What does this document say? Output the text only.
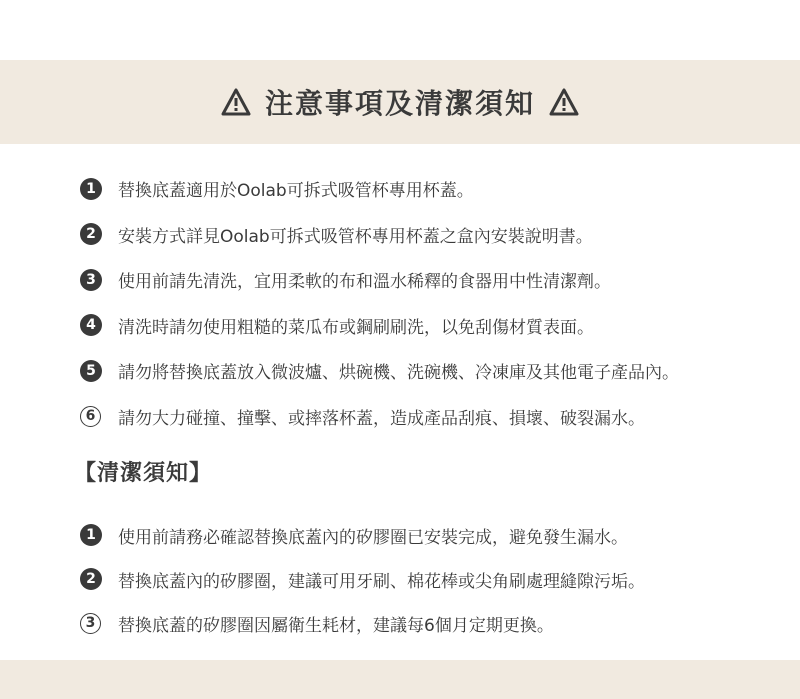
注意事項及清潔須知
1	替換底蓋適用於Oolab可拆式吸管杯專用杯蓋。
2	安裝方式詳見Oolab可拆式吸管杯專用杯蓋之盒內安裝說明書。
3	使用前請先清洗，宜用柔軟的布和溫水稀釋的食器用中性清潔劑。
4	清洗時請勿使用粗糙的菜瓜布或鋼刷刷洗，以免刮傷材質表面。
5	請勿將替換底蓋放入微波爐、烘碗機、洗碗機、冷凍庫及其他電子產品內。
6	請勿大力碰撞、撞擊、或摔落杯蓋，造成產品刮痕、損壞、破裂漏水。
【清潔須知】
1	使用前請務必確認替換底蓋內的矽膠圈已安裝完成，避免發生漏水。
2	替換底蓋內的矽膠圈，建議可用牙刷、棉花棒或尖角刷處理縫隙污垢。
3	替換底蓋的矽膠圈因屬衛生耗材，建議每6個月定期更換。
